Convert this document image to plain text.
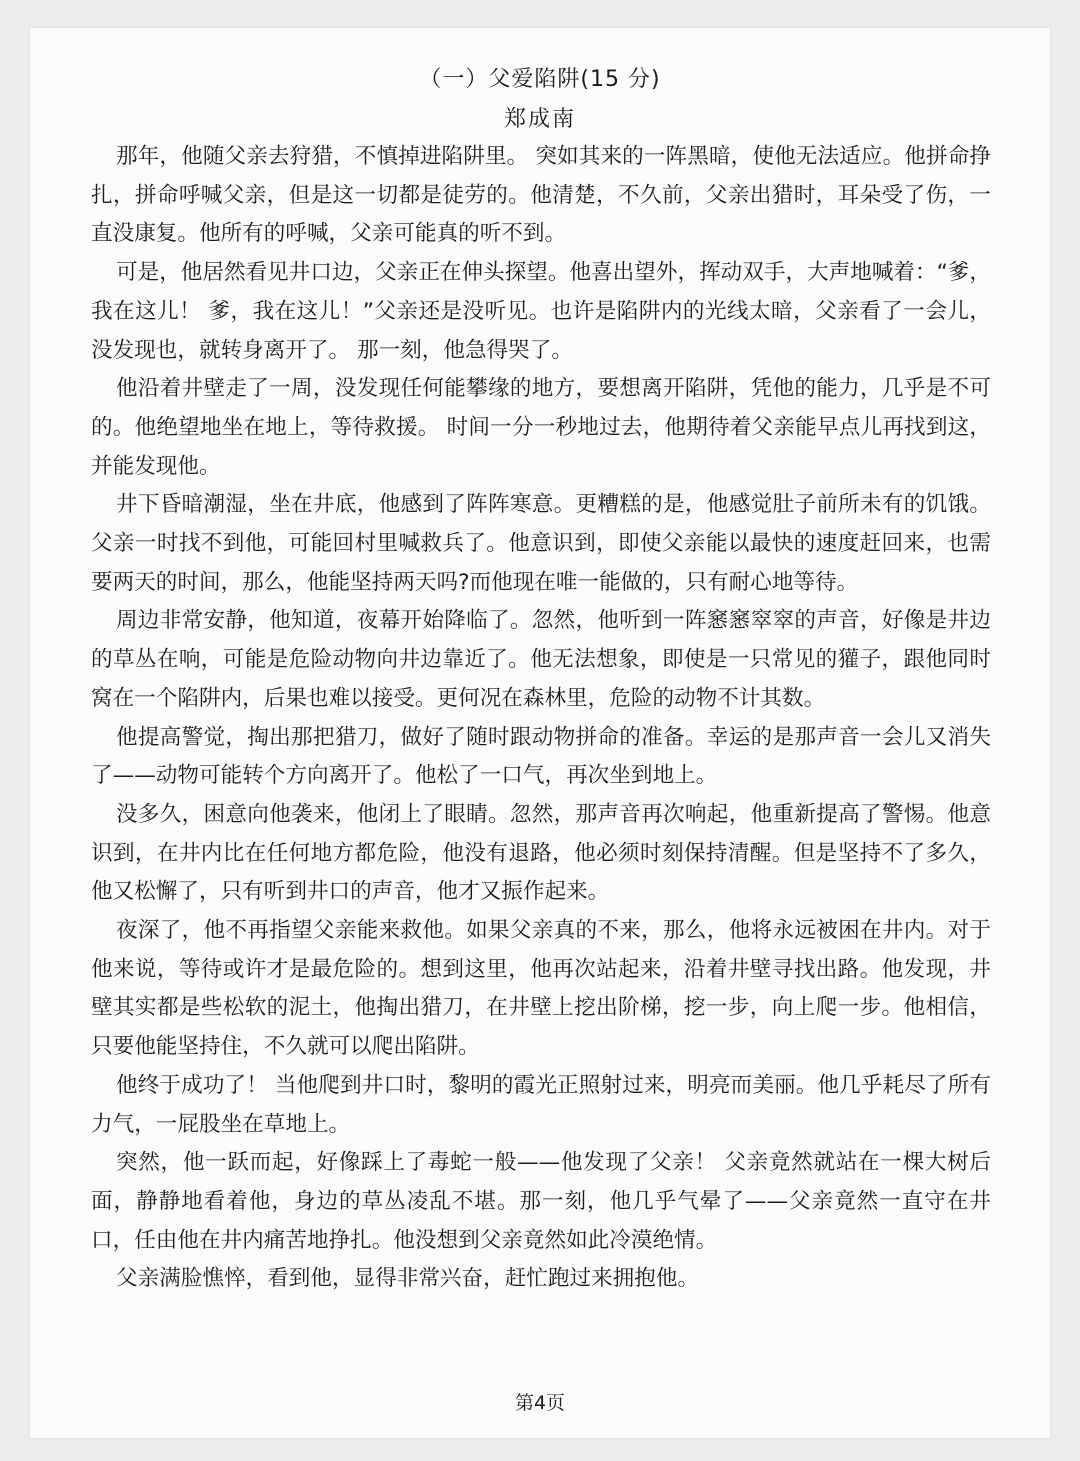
（一）父爱陷阱(15 分)
郑成南

那年，他随父亲去狩猎，不慎掉进陷阱里。 突如其来的一阵黑暗，使他无法适应。他拼命挣扎，拼命呼喊父亲，但是这一切都是徒劳的。他清楚，不久前，父亲出猎时，耳朵受了伤，一直没康复。他所有的呼喊，父亲可能真的听不到。

可是，他居然看见井口边，父亲正在伸头探望。他喜出望外，挥动双手，大声地喊着：“爹，我在这儿！ 爹，我在这儿！”父亲还是没听见。也许是陷阱内的光线太暗，父亲看了一会儿，没发现也，就转身离开了。 那一刻，他急得哭了。

他沿着井壁走了一周，没发现任何能攀缘的地方，要想离开陷阱，凭他的能力，几乎是不可的。他绝望地坐在地上，等待救援。 时间一分一秒地过去，他期待着父亲能早点儿再找到这，并能发现他。

井下昏暗潮湿，坐在井底，他感到了阵阵寒意。更糟糕的是，他感觉肚子前所未有的饥饿。父亲一时找不到他，可能回村里喊救兵了。他意识到，即使父亲能以最快的速度赶回来，也需要两天的时间，那么，他能坚持两天吗?而他现在唯一能做的，只有耐心地等待。

周边非常安静，他知道，夜幕开始降临了。忽然，他听到一阵窸窸窣窣的声音，好像是井边的草丛在响，可能是危险动物向井边靠近了。他无法想象，即使是一只常见的獾子，跟他同时窝在一个陷阱内，后果也难以接受。更何况在森林里，危险的动物不计其数。

他提高警觉，掏出那把猎刀，做好了随时跟动物拼命的准备。幸运的是那声音一会儿又消失了——动物可能转个方向离开了。他松了一口气，再次坐到地上。

没多久，困意向他袭来，他闭上了眼睛。忽然，那声音再次响起，他重新提高了警惕。他意识到，在井内比在任何地方都危险，他没有退路，他必须时刻保持清醒。但是坚持不了多久，他又松懈了，只有听到井口的声音，他才又振作起来。

夜深了，他不再指望父亲能来救他。如果父亲真的不来，那么，他将永远被困在井内。对于他来说，等待或许才是最危险的。想到这里，他再次站起来，沿着井壁寻找出路。他发现，井壁其实都是些松软的泥土，他掏出猎刀，在井壁上挖出阶梯，挖一步，向上爬一步。他相信，只要他能坚持住，不久就可以爬出陷阱。

他终于成功了！ 当他爬到井口时，黎明的霞光正照射过来，明亮而美丽。他几乎耗尽了所有力气，一屁股坐在草地上。

突然，他一跃而起，好像踩上了毒蛇一般——他发现了父亲！ 父亲竟然就站在一棵大树后面，静静地看着他，身边的草丛凌乱不堪。那一刻，他几乎气晕了——父亲竟然一直守在井口，任由他在井内痛苦地挣扎。他没想到父亲竟然如此冷漠绝情。

父亲满脸憔悴，看到他，显得非常兴奋，赶忙跑过来拥抱他。

第4页
